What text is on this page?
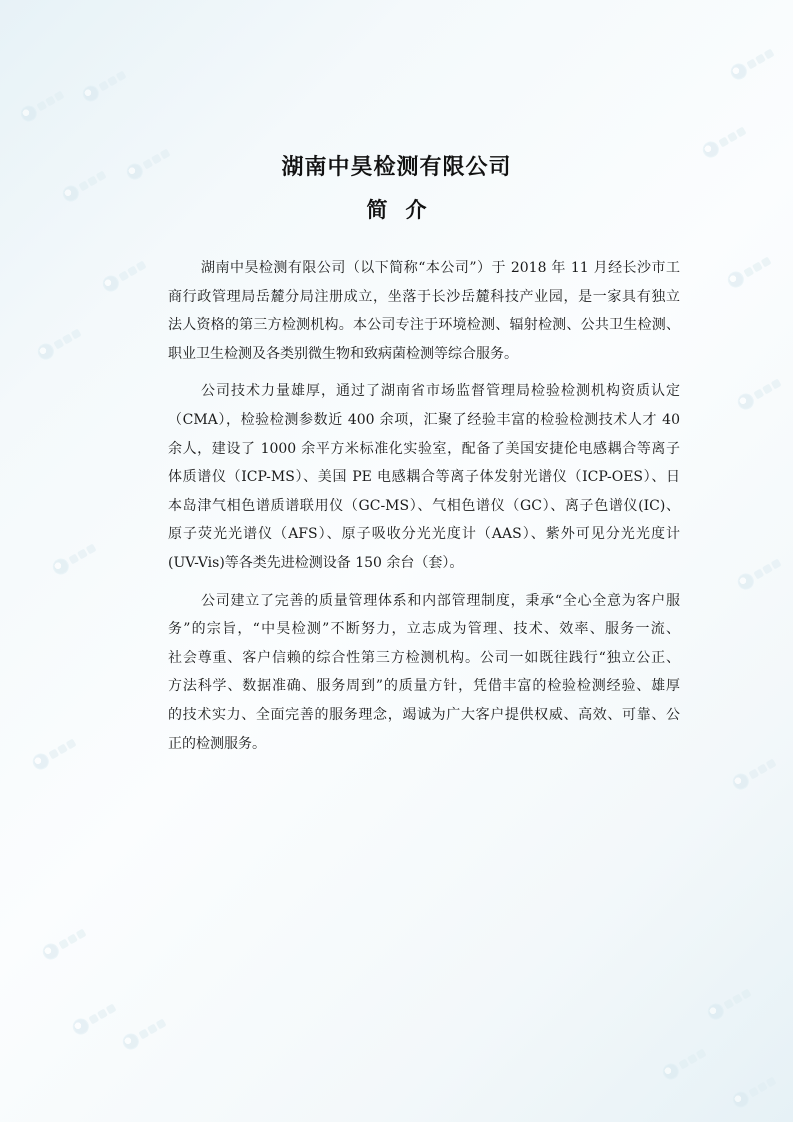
湖南中昊检测有限公司
简介
湖南中昊检测有限公司（以下简称“本公司”）于 2018 年 11 月经长沙市工
商行政管理局岳麓分局注册成立，坐落于长沙岳麓科技产业园，是一家具有独立
法人资格的第三方检测机构。本公司专注于环境检测、辐射检测、公共卫生检测、
职业卫生检测及各类别微生物和致病菌检测等综合服务。
公司技术力量雄厚，通过了湖南省市场监督管理局检验检测机构资质认定
（CMA），检验检测参数近 400 余项，汇聚了经验丰富的检验检测技术人才 40
余人，建设了 1000 余平方米标准化实验室，配备了美国安捷伦电感耦合等离子
体质谱仪（ICP-MS）、美国 PE 电感耦合等离子体发射光谱仪（ICP-OES）、日
本岛津气相色谱质谱联用仪（GC-MS）、气相色谱仪（GC）、离子色谱仪(IC)、
原子荧光光谱仪（AFS）、原子吸收分光光度计（AAS）、紫外可见分光光度计
(UV-Vis)等各类先进检测设备 150 余台（套）。
公司建立了完善的质量管理体系和内部管理制度，秉承“全心全意为客户服
务”的宗旨，“中昊检测”不断努力，立志成为管理、技术、效率、服务一流、
社会尊重、客户信赖的综合性第三方检测机构。公司一如既往践行“独立公正、
方法科学、数据准确、服务周到”的质量方针，凭借丰富的检验检测经验、雄厚
的技术实力、全面完善的服务理念，竭诚为广大客户提供权威、高效、可靠、公
正的检测服务。
